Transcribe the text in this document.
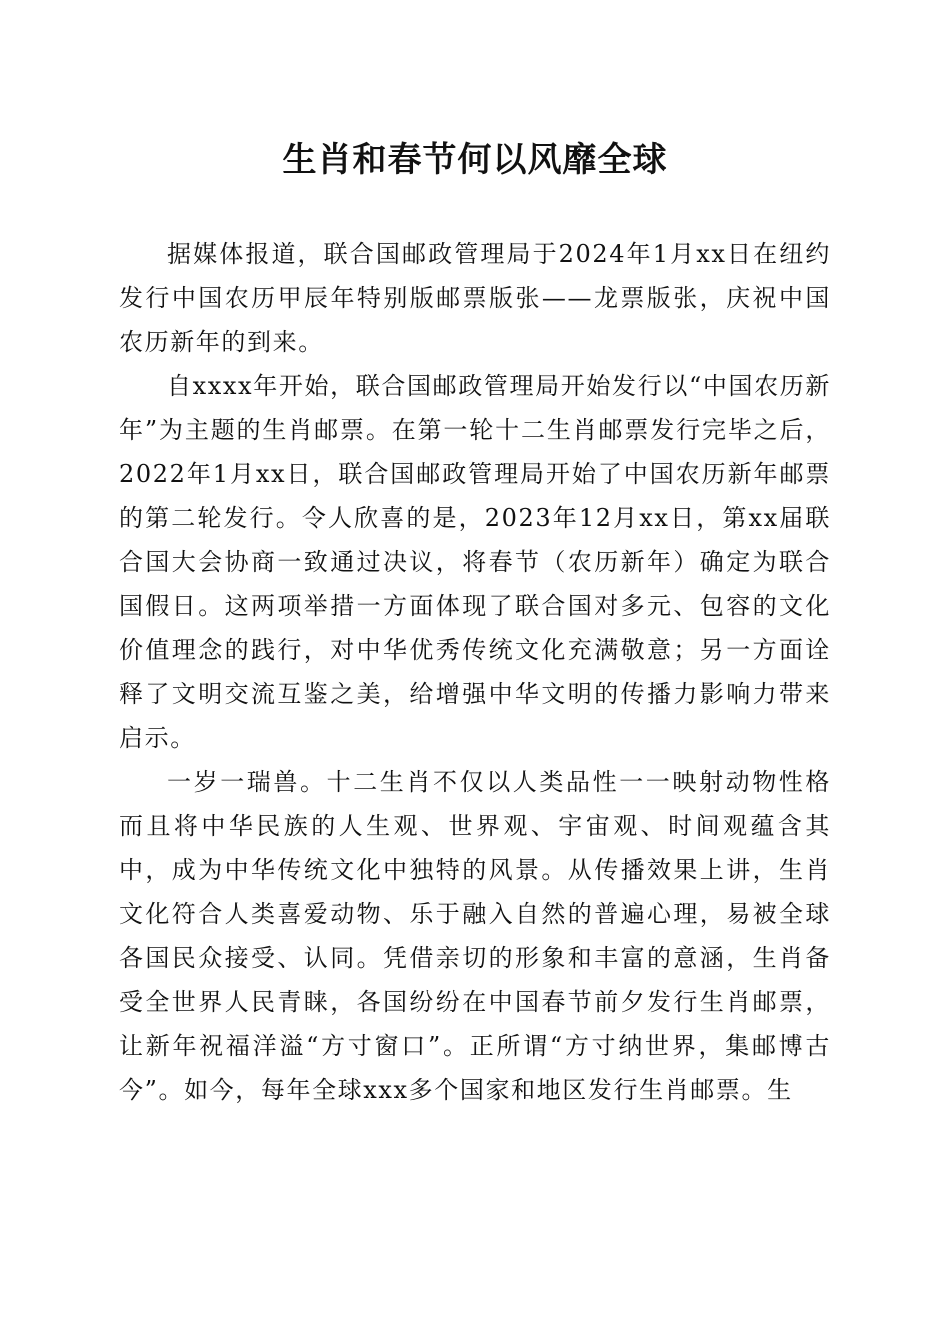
生肖和春节何以风靡全球

据媒体报道，联合国邮政管理局于2024年1月xx日在纽约发行中国农历甲辰年特别版邮票版张——龙票版张，庆祝中国农历新年的到来。

自xxxx年开始，联合国邮政管理局开始发行以“中国农历新年”为主题的生肖邮票。在第一轮十二生肖邮票发行完毕之后，2022年1月xx日，联合国邮政管理局开始了中国农历新年邮票的第二轮发行。令人欣喜的是，2023年12月xx日，第xx届联合国大会协商一致通过决议，将春节（农历新年）确定为联合国假日。这两项举措一方面体现了联合国对多元、包容的文化价值理念的践行，对中华优秀传统文化充满敬意；另一方面诠释了文明交流互鉴之美，给增强中华文明的传播力影响力带来启示。

一岁一瑞兽。十二生肖不仅以人类品性一一映射动物性格而且将中华民族的人生观、世界观、宇宙观、时间观蕴含其中，成为中华传统文化中独特的风景。从传播效果上讲，生肖文化符合人类喜爱动物、乐于融入自然的普遍心理，易被全球各国民众接受、认同。凭借亲切的形象和丰富的意涵，生肖备受全世界人民青睐，各国纷纷在中国春节前夕发行生肖邮票，让新年祝福洋溢“方寸窗口”。正所谓“方寸纳世界，集邮博古今”。如今，每年全球xxx多个国家和地区发行生肖邮票。生
